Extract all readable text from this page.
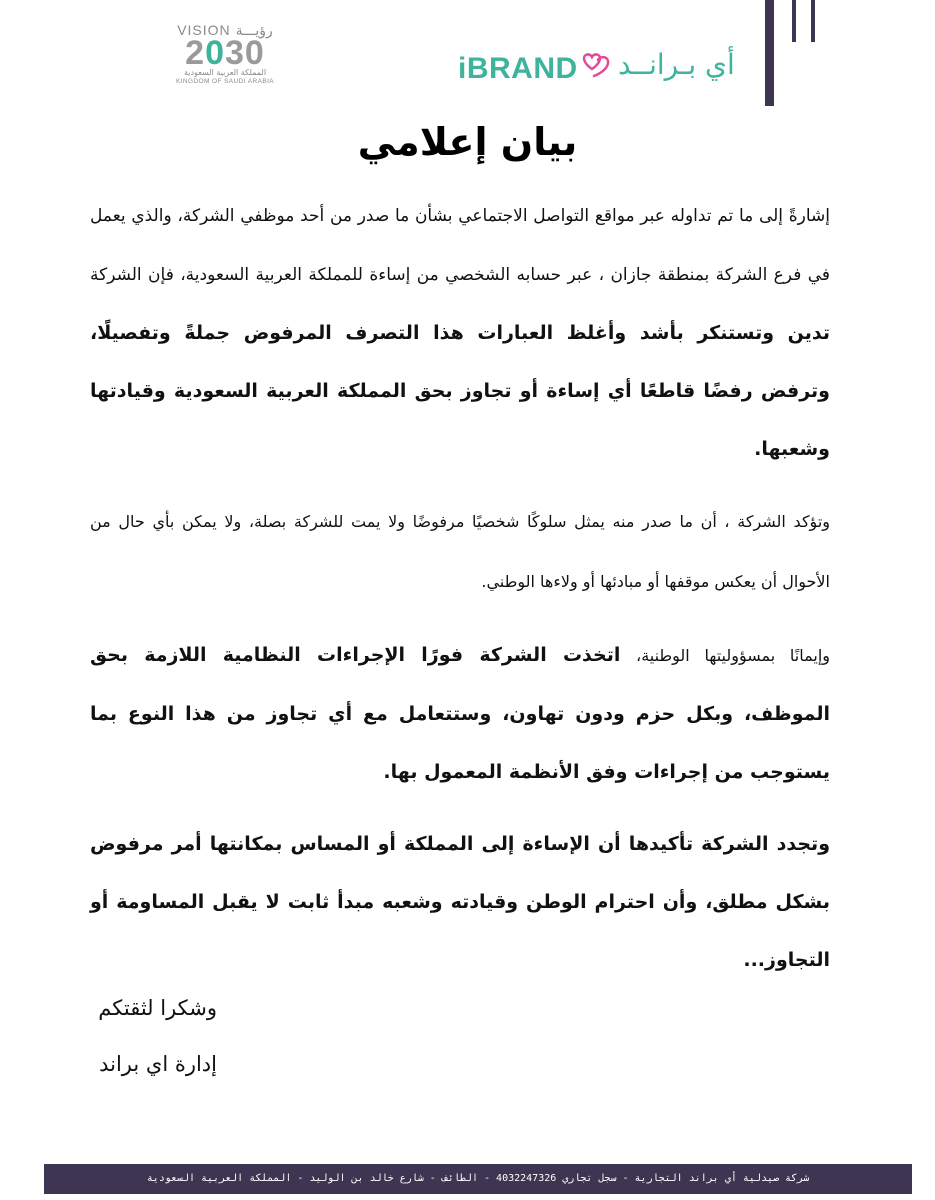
iBRAND أي بـرانــد
VISION رؤيـــة
2030
المملكة العربية السعودية
KINGDOM OF SAUDI ARABIA
بيان إعلامي

إشارةً إلى ما تم تداوله عبر مواقع التواصل الاجتماعي بشأن ما صدر من أحد موظفي الشركة، والذي يعمل في فرع الشركة بمنطقة جازان ، عبر حسابه الشخصي من إساءة للمملكة العربية السعودية، فإن الشركة تدين وتستنكر بأشد وأغلظ العبارات هذا التصرف المرفوض جملةً وتفصيلًا، وترفض رفضًا قاطعًا أي إساءة أو تجاوز بحق المملكة العربية السعودية وقيادتها وشعبها.

وتؤكد الشركة ، أن ما صدر منه يمثل سلوكًا شخصيًا مرفوضًا ولا يمت للشركة بصلة، ولا يمكن بأي حال من الأحوال أن يعكس موقفها أو مبادئها أو ولاءها الوطني.

وإيمانًا بمسؤوليتها الوطنية، اتخذت الشركة فورًا الإجراءات النظامية اللازمة بحق الموظف، وبكل حزم ودون تهاون، وستتعامل مع أي تجاوز من هذا النوع بما يستوجب من إجراءات وفق الأنظمة المعمول بها.

وتجدد الشركة تأكيدها أن الإساءة إلى المملكة أو المساس بمكانتها أمر مرفوض بشكل مطلق، وأن احترام الوطن وقيادته وشعبه مبدأ ثابت لا يقبل المساومة أو التجاوز...

وشكرا لثقتكم
إدارة اي براند
شركة صيدلية أي براند التجارية - سجل تجاري 4032247326 - الطائف - شارع خالد بن الوليد - المملكة العربية السعودية
